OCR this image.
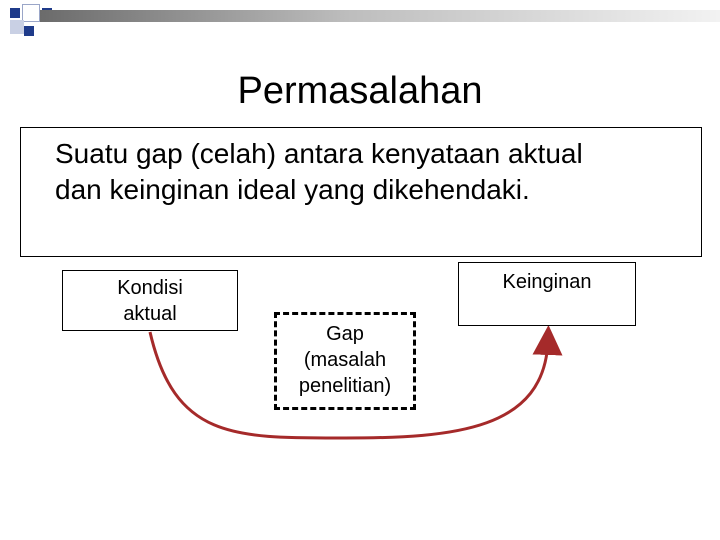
Permasalahan
Suatu gap (celah) antara kenyataan aktual
dan keinginan ideal yang dikehendaki.
Kondisi
aktual
Keinginan
Gap
(masalah
penelitian)
